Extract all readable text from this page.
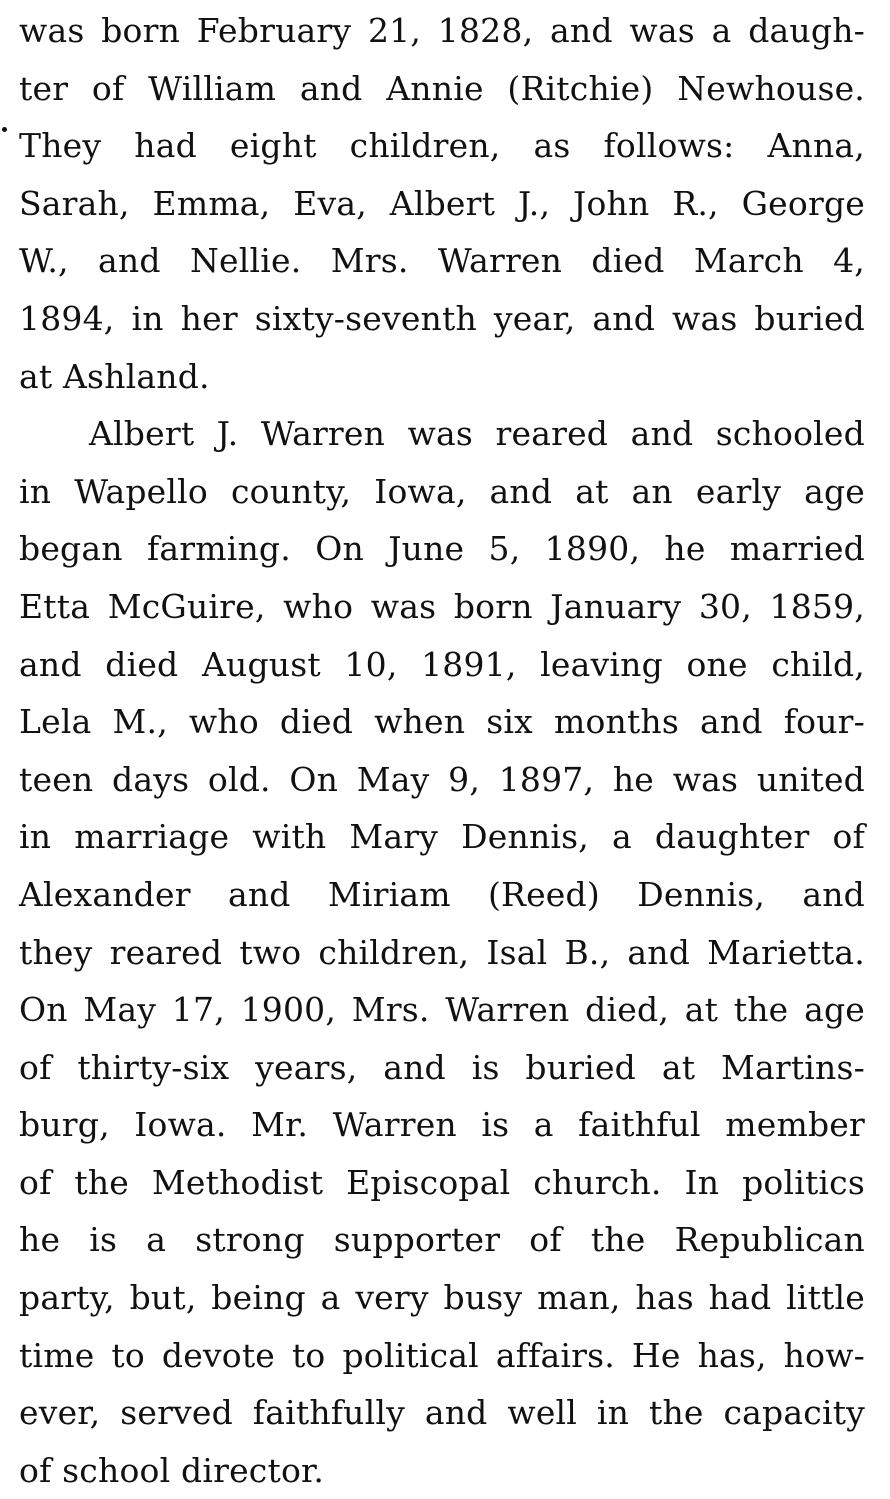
was born February 21, 1828, and was a daugh-
ter of William and Annie (Ritchie) Newhouse.
They had eight children, as follows: Anna,
Sarah, Emma, Eva, Albert J., John R., George
W., and Nellie. Mrs. Warren died March 4,
1894, in her sixty-seventh year, and was buried
at Ashland.
Albert J. Warren was reared and schooled
in Wapello county, Iowa, and at an early age
began farming. On June 5, 1890, he married
Etta McGuire, who was born January 30, 1859,
and died August 10, 1891, leaving one child,
Lela M., who died when six months and four-
teen days old. On May 9, 1897, he was united
in marriage with Mary Dennis, a daughter of
Alexander and Miriam (Reed) Dennis, and
they reared two children, Isal B., and Marietta.
On May 17, 1900, Mrs. Warren died, at the age
of thirty-six years, and is buried at Martins-
burg, Iowa. Mr. Warren is a faithful member
of the Methodist Episcopal church. In politics
he is a strong supporter of the Republican
party, but, being a very busy man, has had little
time to devote to political affairs. He has, how-
ever, served faithfully and well in the capacity
of school director.
